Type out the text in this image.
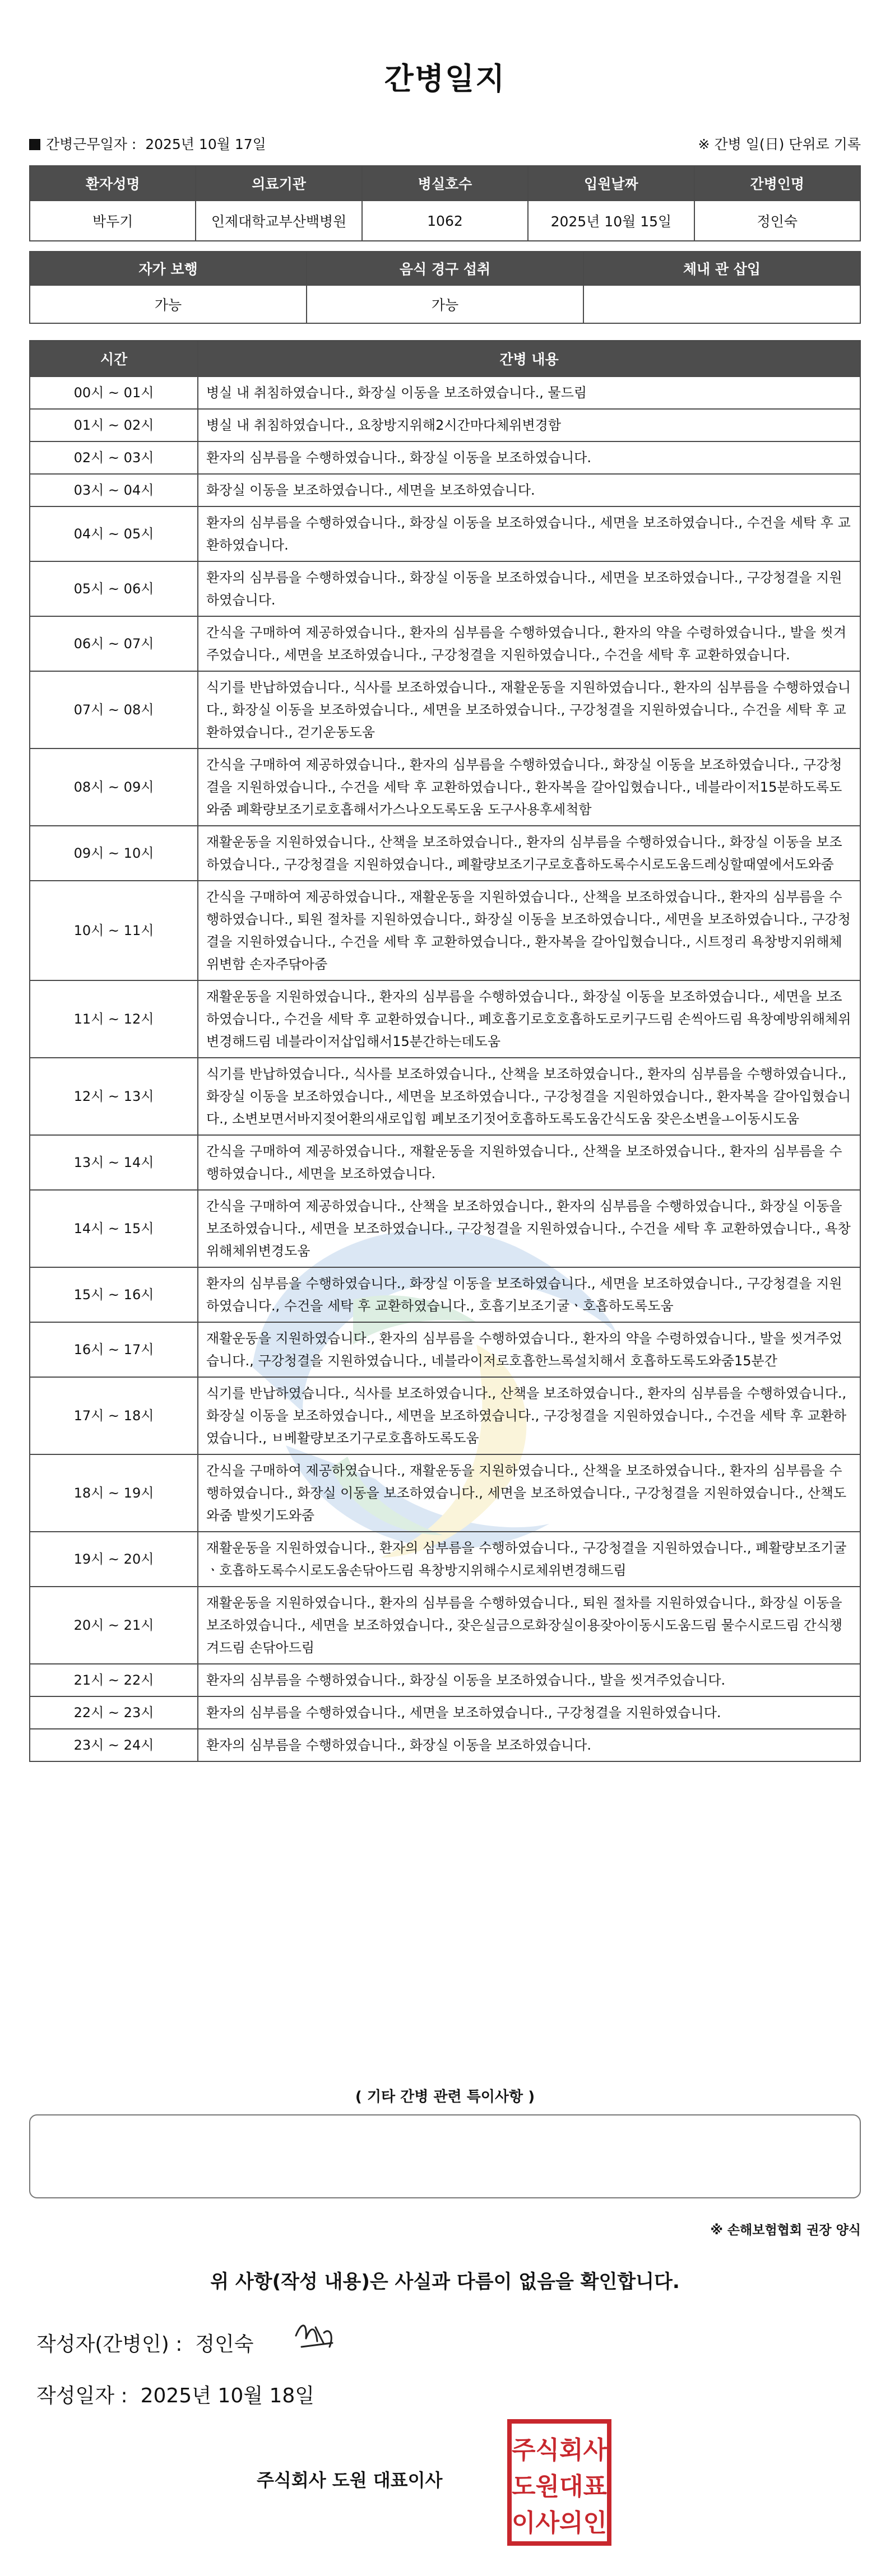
간병일지
간병근무일자 : 2025년 10월 17일	※ 간병 일(日) 단위로 기록
환자성명	의료기관	병실호수	입원날짜	간병인명
박두기	인제대학교부산백병원	1062	2025년 10월 15일	정인숙
자가 보행	음식 경구 섭취	체내 관 삽입
가능	가능	
시간	간병 내용
00시 ~ 01시	병실 내 취침하였습니다., 화장실 이동을 보조하였습니다., 물드림
01시 ~ 02시	병실 내 취침하였습니다., 요창방지위해2시간마다체위변경함
02시 ~ 03시	환자의 심부름을 수행하였습니다., 화장실 이동을 보조하였습니다.
03시 ~ 04시	화장실 이동을 보조하였습니다., 세면을 보조하였습니다.
04시 ~ 05시	환자의 심부름을 수행하였습니다., 화장실 이동을 보조하였습니다., 세면을 보조하였습니다., 수건을 세탁 후 교환하였습니다.
05시 ~ 06시	환자의 심부름을 수행하였습니다., 화장실 이동을 보조하였습니다., 세면을 보조하였습니다., 구강청결을 지원하였습니다.
06시 ~ 07시	간식을 구매하여 제공하였습니다., 환자의 심부름을 수행하였습니다., 환자의 약을 수령하였습니다., 발을 씻겨주었습니다., 세면을 보조하였습니다., 구강청결을 지원하였습니다., 수건을 세탁 후 교환하였습니다.
07시 ~ 08시	식기를 반납하였습니다., 식사를 보조하였습니다., 재활운동을 지원하였습니다., 환자의 심부름을 수행하였습니다., 화장실 이동을 보조하였습니다., 세면을 보조하였습니다., 구강청결을 지원하였습니다., 수건을 세탁 후 교환하였습니다., 걷기운동도움
08시 ~ 09시	간식을 구매하여 제공하였습니다., 환자의 심부름을 수행하였습니다., 화장실 이동을 보조하였습니다., 구강청결을 지원하였습니다., 수건을 세탁 후 교환하였습니다., 환자복을 갈아입혔습니다., 네블라이저15분하도록도와줌 폐확량보조기로호흡해서가스나오도록도움 도구사용후세척함
09시 ~ 10시	재활운동을 지원하였습니다., 산책을 보조하였습니다., 환자의 심부름을 수행하였습니다., 화장실 이동을 보조하였습니다., 구강청결을 지원하였습니다., 폐활량보조기구로호흡하도록수시로도움드레싱할때옆에서도와줌
10시 ~ 11시	간식을 구매하여 제공하였습니다., 재활운동을 지원하였습니다., 산책을 보조하였습니다., 환자의 심부름을 수행하였습니다., 퇴원 절차를 지원하였습니다., 화장실 이동을 보조하였습니다., 세면을 보조하였습니다., 구강청결을 지원하였습니다., 수건을 세탁 후 교환하였습니다., 환자복을 갈아입혔습니다., 시트정리 욕창방지위해체위변함 손자주닦아줌
11시 ~ 12시	재활운동을 지원하였습니다., 환자의 심부름을 수행하였습니다., 화장실 이동을 보조하였습니다., 세면을 보조하였습니다., 수건을 세탁 후 교환하였습니다., 폐호흡기로호호흡하도로키구드림 손씩아드림 욕창예방위해체위변경해드림 네블라이저삽입해서15분간하는데도움
12시 ~ 13시	식기를 반납하였습니다., 식사를 보조하였습니다., 산책을 보조하였습니다., 환자의 심부름을 수행하였습니다., 화장실 이동을 보조하였습니다., 세면을 보조하였습니다., 구강청결을 지원하였습니다., 환자복을 갈아입혔습니다., 소변보면서바지젖어환의새로입힘 폐보조기젓어호흡하도록도움간식도움 잦은소변을ㅗ이동시도움
13시 ~ 14시	간식을 구매하여 제공하였습니다., 재활운동을 지원하였습니다., 산책을 보조하였습니다., 환자의 심부름을 수행하였습니다., 세면을 보조하였습니다.
14시 ~ 15시	간식을 구매하여 제공하였습니다., 산책을 보조하였습니다., 환자의 심부름을 수행하였습니다., 화장실 이동을 보조하였습니다., 세면을 보조하였습니다., 구강청결을 지원하였습니다., 수건을 세탁 후 교환하였습니다., 욕창위해체위변경도움
15시 ~ 16시	환자의 심부름을 수행하였습니다., 화장실 이동을 보조하였습니다., 세면을 보조하였습니다., 구강청결을 지원하였습니다., 수건을 세탁 후 교환하였습니다., 호흡기보조기굴ㆍ호흡하도록도움
16시 ~ 17시	재활운동을 지원하였습니다., 환자의 심부름을 수행하였습니다., 환자의 약을 수령하였습니다., 발을 씻겨주었습니다., 구강청결을 지원하였습니다., 네블라이저로호흡한느록설치해서 호흡하도록도와줌15분간
17시 ~ 18시	식기를 반납하였습니다., 식사를 보조하였습니다., 산책을 보조하였습니다., 환자의 심부름을 수행하였습니다., 화장실 이동을 보조하였습니다., 세면을 보조하였습니다., 구강청결을 지원하였습니다., 수건을 세탁 후 교환하였습니다., ㅂ베활량보조기구로호흡하도록도움
18시 ~ 19시	간식을 구매하여 제공하였습니다., 재활운동을 지원하였습니다., 산책을 보조하였습니다., 환자의 심부름을 수행하였습니다., 화장실 이동을 보조하였습니다., 세면을 보조하였습니다., 구강청결을 지원하였습니다., 산책도와줌 발씻기도와줌
19시 ~ 20시	재활운동을 지원하였습니다., 환자의 심부름을 수행하였습니다., 구강청결을 지원하였습니다., 폐활량보조기굴ㆍ호흡하도록수시로도움손닦아드림 욕창방지위해수시로체위변경해드림
20시 ~ 21시	재활운동을 지원하였습니다., 환자의 심부름을 수행하였습니다., 퇴원 절차를 지원하였습니다., 화장실 이동을 보조하였습니다., 세면을 보조하였습니다., 잦은실금으로화장실이용잦아이동시도움드림 물수시로드림 간식챙겨드림 손닦아드림
21시 ~ 22시	환자의 심부름을 수행하였습니다., 화장실 이동을 보조하였습니다., 발을 씻겨주었습니다.
22시 ~ 23시	환자의 심부름을 수행하였습니다., 세면을 보조하였습니다., 구강청결을 지원하였습니다.
23시 ~ 24시	환자의 심부름을 수행하였습니다., 화장실 이동을 보조하였습니다.
( 기타 간병 관련 특이사항 )
※ 손해보험협회 권장 양식
위 사항(작성 내용)은 사실과 다름이 없음을 확인합니다.
작성자(간병인) : 정인숙
작성일자 : 2025년 10월 18일
주식회사 도원 대표이사
주식회사
도원대표
이사의인
